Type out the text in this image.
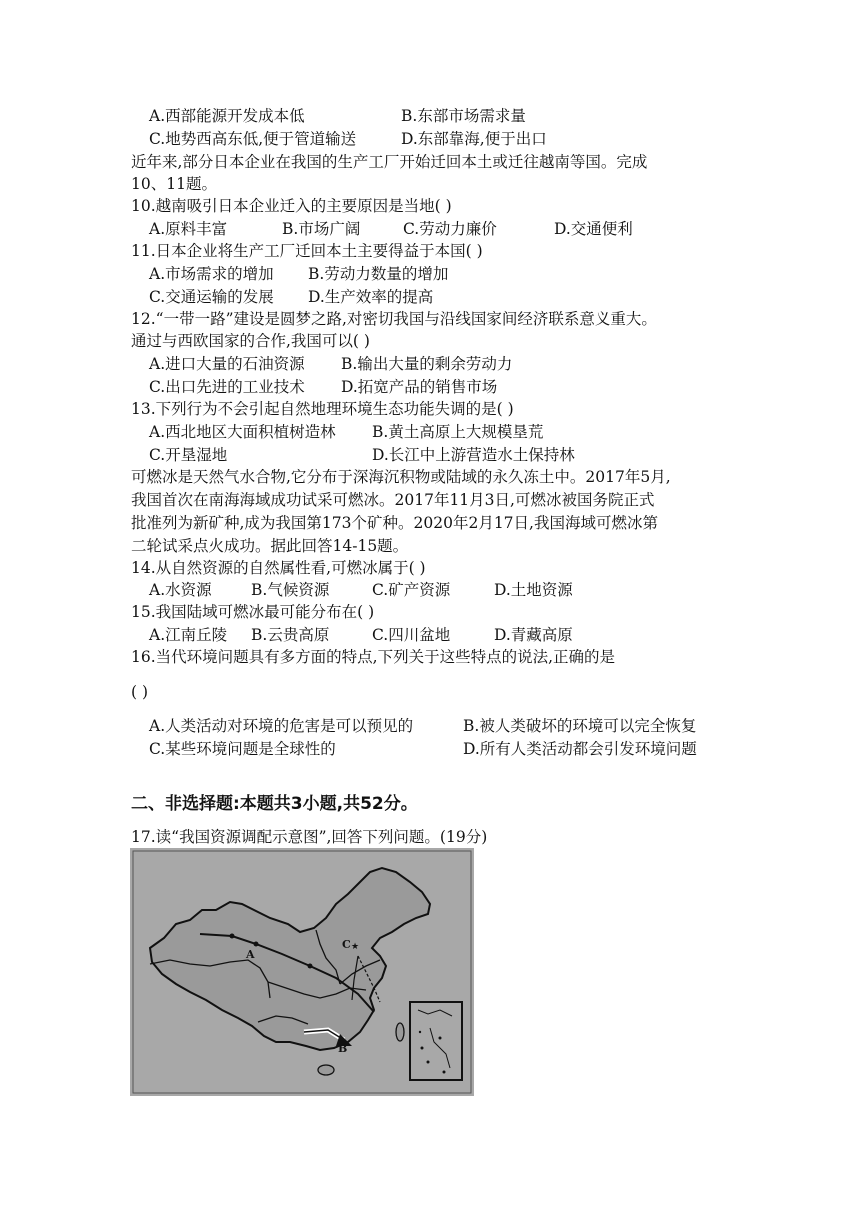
A.西部能源开发成本低	B.东部市场需求量
C.地势西高东低,便于管道输送	D.东部靠海,便于出口
近年来,部分日本企业在我国的生产工厂开始迁回本土或迁往越南等国。完成
10、11题。
10.越南吸引日本企业迁入的主要原因是当地( )
A.原料丰富	B.市场广阔	C.劳动力廉价	D.交通便利
11.日本企业将生产工厂迁回本土主要得益于本国( )
A.市场需求的增加 B.劳动力数量的增加
C.交通运输的发展 D.生产效率的提高
12.“一带一路”建设是圆梦之路,对密切我国与沿线国家间经济联系意义重大。
通过与西欧国家的合作,我国可以( )
A.进口大量的石油资源 B.输出大量的剩余劳动力
C.出口先进的工业技术 D.拓宽产品的销售市场
13.下列行为不会引起自然地理环境生态功能失调的是( )
A.西北地区大面积植树造林 B.黄土高原上大规模垦荒
C.开垦湿地	D.长江中上游营造水土保持林
可燃冰是天然气水合物,它分布于深海沉积物或陆域的永久冻土中。2017年5月,
我国首次在南海海域成功试采可燃冰。2017年11月3日,可燃冰被国务院正式
批准列为新矿种,成为我国第173个矿种。2020年2月17日,我国海域可燃冰第
二轮试采点火成功。据此回答14-15题。
14.从自然资源的自然属性看,可燃冰属于( )
A.水资源	B.气候资源	C.矿产资源	D.土地资源
15.我国陆域可燃冰最可能分布在( )
A.江南丘陵 B.云贵高原	C.四川盆地	D.青藏高原
16.当代环境问题具有多方面的特点,下列关于这些特点的说法,正确的是
( )
A.人类活动对环境的危害是可以预见的	B.被人类破坏的环境可以完全恢复
C.某些环境问题是全球性的	D.所有人类活动都会引发环境问题
二、非选择题:本题共3小题,共52分。
17.读“我国资源调配示意图”,回答下列问题。(19分)
A
B
C ★
